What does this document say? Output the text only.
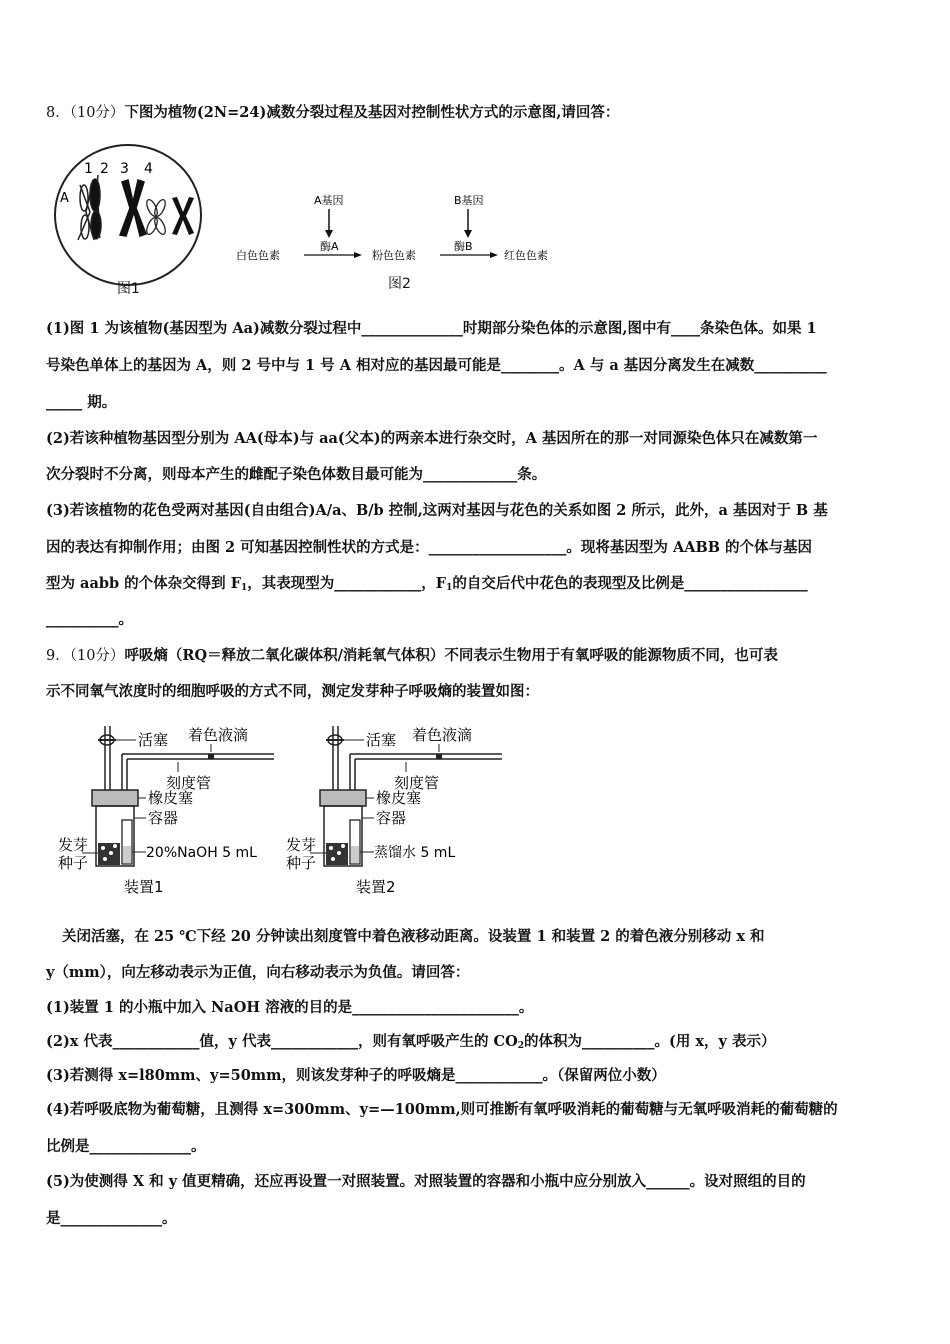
8．（10分）下图为植物(2N=24)减数分裂过程及基因对控制性状方式的示意图,请回答：
1 2 3 4
A
图1
A基因	B基因
酶A	酶B
白色色素	粉色色素	红色色素
图2
(1)图 1 为该植物(基因型为 Aa)减数分裂过程中______________时期部分染色体的示意图,图中有____条染色体。如果 1
号染色单体上的基因为 A，则 2 号中与 1 号 A 相对应的基因最可能是________。A 与 a 基因分离发生在减数__________
_____ 期。
(2)若该种植物基因型分别为 AA(母本)与 aa(父本)的两亲本进行杂交时，A 基因所在的那一对同源染色体只在减数第一
次分裂时不分离，则母本产生的雌配子染色体数目最可能为_____________条。
(3)若该植物的花色受两对基因(自由组合)A/a、B/b 控制,这两对基因与花色的关系如图 2 所示，此外，a 基因对于 B 基
因的表达有抑制作用；由图 2 可知基因控制性状的方式是：___________________。现将基因型为 AABB 的个体与基因
型为 aabb 的个体杂交得到 $F_1$，其表现型为____________，$F_1$的自交后代中花色的表现型及比例是_________________
__________。
9．（10分）呼吸熵（RQ＝释放二氧化碳体积/消耗氧气体积）不同表示生物用于有氧呼吸的能源物质不同，也可表
示不同氧气浓度时的细胞呼吸的方式不同，测定发芽种子呼吸熵的装置如图：
活塞 着色液滴
刻度管
橡皮塞
容器
发芽
种子
20%NaOH 5 mL
装置1
活塞 着色液滴
刻度管
橡皮塞
容器
发芽
种子
蒸馏水 5 mL
装置2
关闭活塞，在 25 ℃下经 20 分钟读出刻度管中着色液移动距离。设装置 1 和装置 2 的着色液分别移动 x 和
y（mm），向左移动表示为正值，向右移动表示为负值。请回答：
(1)装置 1 的小瓶中加入 NaOH 溶液的目的是_______________________。
(2)x 代表____________值，y 代表____________，则有氧呼吸产生的 $CO_2$的体积为__________。(用 x，y 表示）
(3)若测得 x=l80mm、y=50mm，则该发芽种子的呼吸熵是____________。（保留两位小数）
(4)若呼吸底物为葡萄糖，且测得 x=300mm、y=—100mm,则可推断有氧呼吸消耗的葡萄糖与无氧呼吸消耗的葡萄糖的
比例是______________。
(5)为使测得 X 和 y 值更精确，还应再设置一对照装置。对照装置的容器和小瓶中应分别放入______。设对照组的目的
是______________。
